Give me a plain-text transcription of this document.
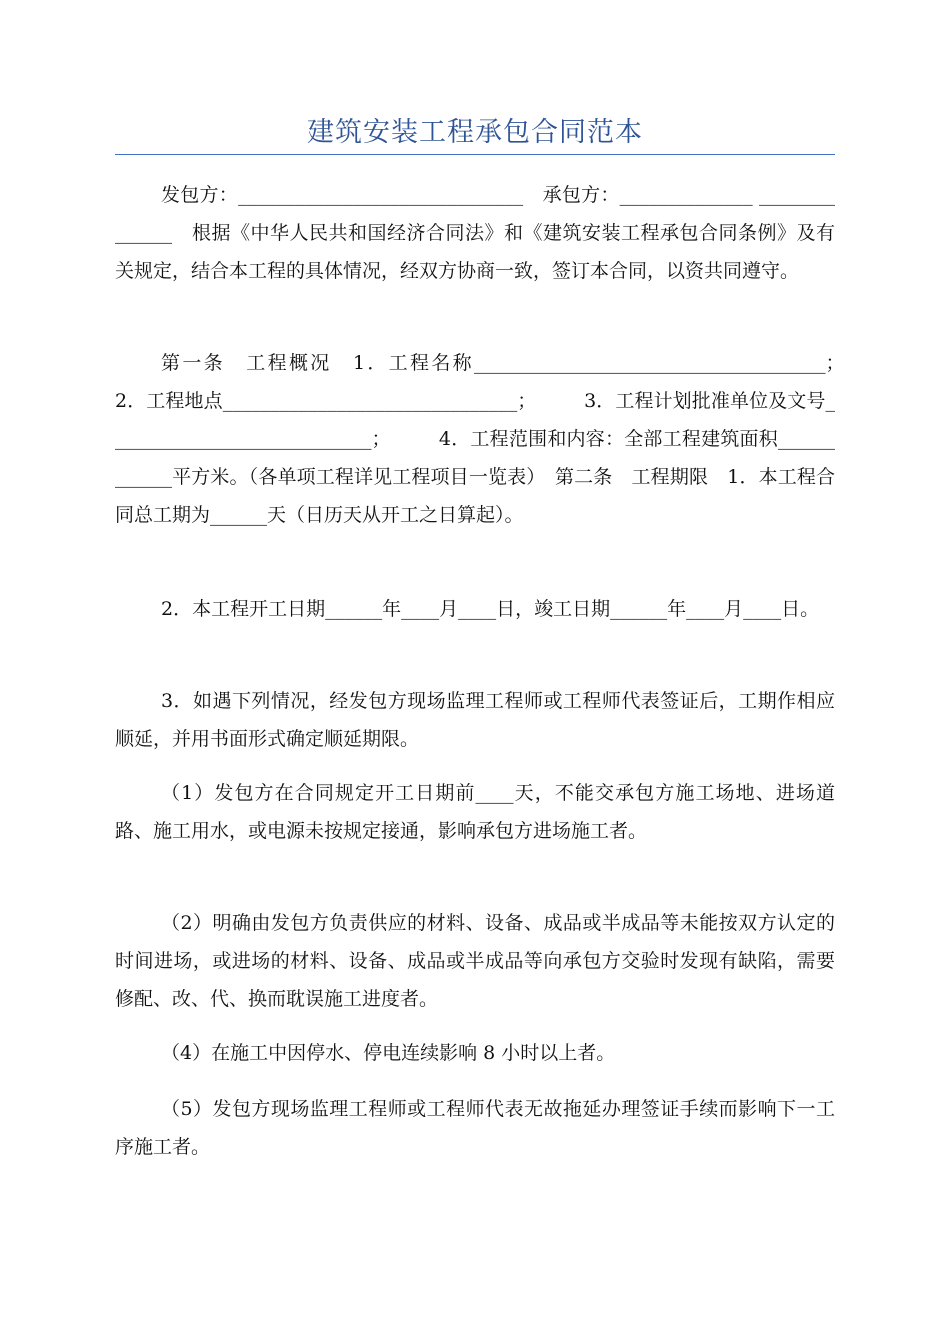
建筑安装工程承包合同范本
发包方：______________________________　承包方：______________ ______________　根据《中华人民共和国经济合同法》和《建筑安装工程承包合同条例》及有关规定，结合本工程的具体情况，经双方协商一致，签订本合同，以资共同遵守。
第一条　工程概况　1．工程名称_____________________________________；　　　2．工程地点_______________________________；　　　3．工程计划批准单位及文号____________________________；　　　4．工程范围和内容：全部工程建筑面积____________平方米。（各单项工程详见工程项目一览表）　第二条　工程期限　1．本工程合同总工期为______天（日历天从开工之日算起）。
2．本工程开工日期______年____月____日，竣工日期______年____月____日。
3．如遇下列情况，经发包方现场监理工程师或工程师代表签证后，工期作相应顺延，并用书面形式确定顺延期限。
（1）发包方在合同规定开工日期前____天，不能交承包方施工场地、进场道路、施工用水，或电源未按规定接通，影响承包方进场施工者。
（2）明确由发包方负责供应的材料、设备、成品或半成品等未能按双方认定的时间进场，或进场的材料、设备、成品或半成品等向承包方交验时发现有缺陷，需要修配、改、代、换而耽误施工进度者。
（4）在施工中因停水、停电连续影响 8 小时以上者。
（5）发包方现场监理工程师或工程师代表无故拖延办理签证手续而影响下一工序施工者。
